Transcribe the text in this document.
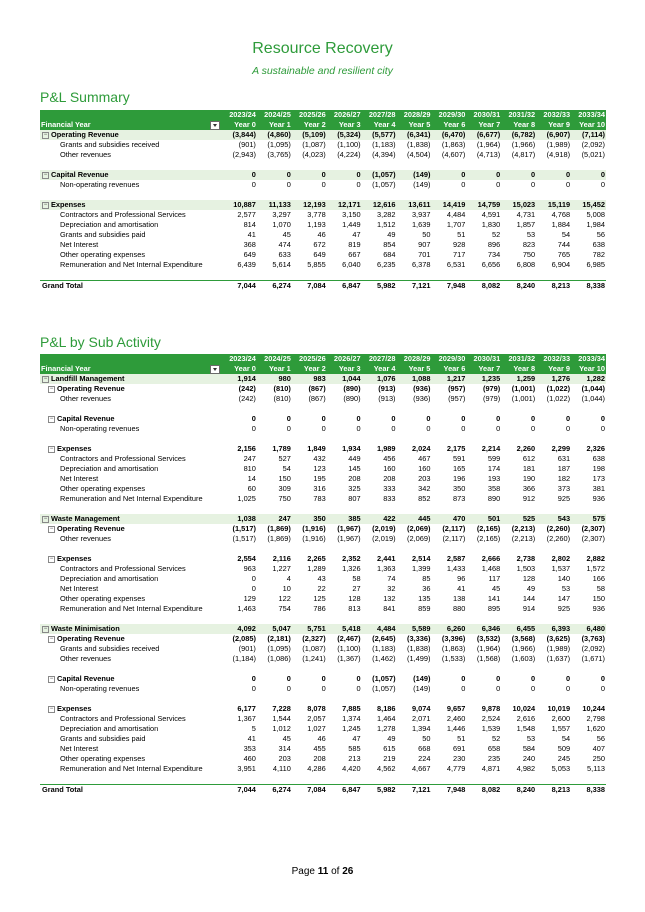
Resource Recovery
A sustainable and resilient city
P&L Summary
	2023/24	2024/25	2025/26	2026/27	2027/28	2028/29	2029/30	2030/31	2031/32	2032/33	2033/34
Financial Year	Year 0	Year 1	Year 2	Year 3	Year 4	Year 5	Year 6	Year 7	Year 8	Year 9	Year 10
− Operating Revenue	(3,844)	(4,860)	(5,109)	(5,324)	(5,577)	(6,341)	(6,470)	(6,677)	(6,782)	(6,907)	(7,114)
Grants and subsidies received	(901)	(1,095)	(1,087)	(1,100)	(1,183)	(1,838)	(1,863)	(1,964)	(1,966)	(1,989)	(2,092)
Other revenues	(2,943)	(3,765)	(4,023)	(4,224)	(4,394)	(4,504)	(4,607)	(4,713)	(4,817)	(4,918)	(5,021)

− Capital Revenue	0	0	0	0	(1,057)	(149)	0	0	0	0	0
Non-operating revenues	0	0	0	0	(1,057)	(149)	0	0	0	0	0

− Expenses	10,887	11,133	12,193	12,171	12,616	13,611	14,419	14,759	15,023	15,119	15,452
Contractors and Professional Services	2,577	3,297	3,778	3,150	3,282	3,937	4,484	4,591	4,731	4,768	5,008
Depreciation and amortisation	814	1,070	1,193	1,449	1,512	1,639	1,707	1,830	1,857	1,884	1,984
Grants and subsidies paid	41	45	46	47	49	50	51	52	53	54	56
Net Interest	368	474	672	819	854	907	928	896	823	744	638
Other operating expenses	649	633	649	667	684	701	717	734	750	765	782
Remuneration and Net Internal Expenditure	6,439	5,614	5,855	6,040	6,235	6,378	6,531	6,656	6,808	6,904	6,985

Grand Total	7,044	6,274	7,084	6,847	5,982	7,121	7,948	8,082	8,240	8,213	8,338
P&L by Sub Activity
	2023/24	2024/25	2025/26	2026/27	2027/28	2028/29	2029/30	2030/31	2031/32	2032/33	2033/34
Financial Year	Year 0	Year 1	Year 2	Year 3	Year 4	Year 5	Year 6	Year 7	Year 8	Year 9	Year 10
− Landfill Management	1,914	980	983	1,044	1,076	1,088	1,217	1,235	1,259	1,276	1,282
− Operating Revenue	(242)	(810)	(867)	(890)	(913)	(936)	(957)	(979)	(1,001)	(1,022)	(1,044)
Other revenues	(242)	(810)	(867)	(890)	(913)	(936)	(957)	(979)	(1,001)	(1,022)	(1,044)

− Capital Revenue	0	0	0	0	0	0	0	0	0	0	0
Non-operating revenues	0	0	0	0	0	0	0	0	0	0	0

− Expenses	2,156	1,789	1,849	1,934	1,989	2,024	2,175	2,214	2,260	2,299	2,326
Contractors and Professional Services	247	527	432	449	456	467	591	599	612	631	638
Depreciation and amortisation	810	54	123	145	160	160	165	174	181	187	198
Net Interest	14	150	195	208	208	203	196	193	190	182	173
Other operating expenses	60	309	316	325	333	342	350	358	366	373	381
Remuneration and Net Internal Expenditure	1,025	750	783	807	833	852	873	890	912	925	936

− Waste Management	1,038	247	350	385	422	445	470	501	525	543	575
− Operating Revenue	(1,517)	(1,869)	(1,916)	(1,967)	(2,019)	(2,069)	(2,117)	(2,165)	(2,213)	(2,260)	(2,307)
Other revenues	(1,517)	(1,869)	(1,916)	(1,967)	(2,019)	(2,069)	(2,117)	(2,165)	(2,213)	(2,260)	(2,307)

− Expenses	2,554	2,116	2,265	2,352	2,441	2,514	2,587	2,666	2,738	2,802	2,882
Contractors and Professional Services	963	1,227	1,289	1,326	1,363	1,399	1,433	1,468	1,503	1,537	1,572
Depreciation and amortisation	0	4	43	58	74	85	96	117	128	140	166
Net Interest	0	10	22	27	32	36	41	45	49	53	58
Other operating expenses	129	122	125	128	132	135	138	141	144	147	150
Remuneration and Net Internal Expenditure	1,463	754	786	813	841	859	880	895	914	925	936

− Waste Minimisation	4,092	5,047	5,751	5,418	4,484	5,589	6,260	6,346	6,455	6,393	6,480
− Operating Revenue	(2,085)	(2,181)	(2,327)	(2,467)	(2,645)	(3,336)	(3,396)	(3,532)	(3,568)	(3,625)	(3,763)
Grants and subsidies received	(901)	(1,095)	(1,087)	(1,100)	(1,183)	(1,838)	(1,863)	(1,964)	(1,966)	(1,989)	(2,092)
Other revenues	(1,184)	(1,086)	(1,241)	(1,367)	(1,462)	(1,499)	(1,533)	(1,568)	(1,603)	(1,637)	(1,671)

− Capital Revenue	0	0	0	0	(1,057)	(149)	0	0	0	0	0
Non-operating revenues	0	0	0	0	(1,057)	(149)	0	0	0	0	0

− Expenses	6,177	7,228	8,078	7,885	8,186	9,074	9,657	9,878	10,024	10,019	10,244
Contractors and Professional Services	1,367	1,544	2,057	1,374	1,464	2,071	2,460	2,524	2,616	2,600	2,798
Depreciation and amortisation	5	1,012	1,027	1,245	1,278	1,394	1,446	1,539	1,548	1,557	1,620
Grants and subsidies paid	41	45	46	47	49	50	51	52	53	54	56
Net Interest	353	314	455	585	615	668	691	658	584	509	407
Other operating expenses	460	203	208	213	219	224	230	235	240	245	250
Remuneration and Net Internal Expenditure	3,951	4,110	4,286	4,420	4,562	4,667	4,779	4,871	4,982	5,053	5,113

Grand Total	7,044	6,274	7,084	6,847	5,982	7,121	7,948	8,082	8,240	8,213	8,338
Page 11 of 26
